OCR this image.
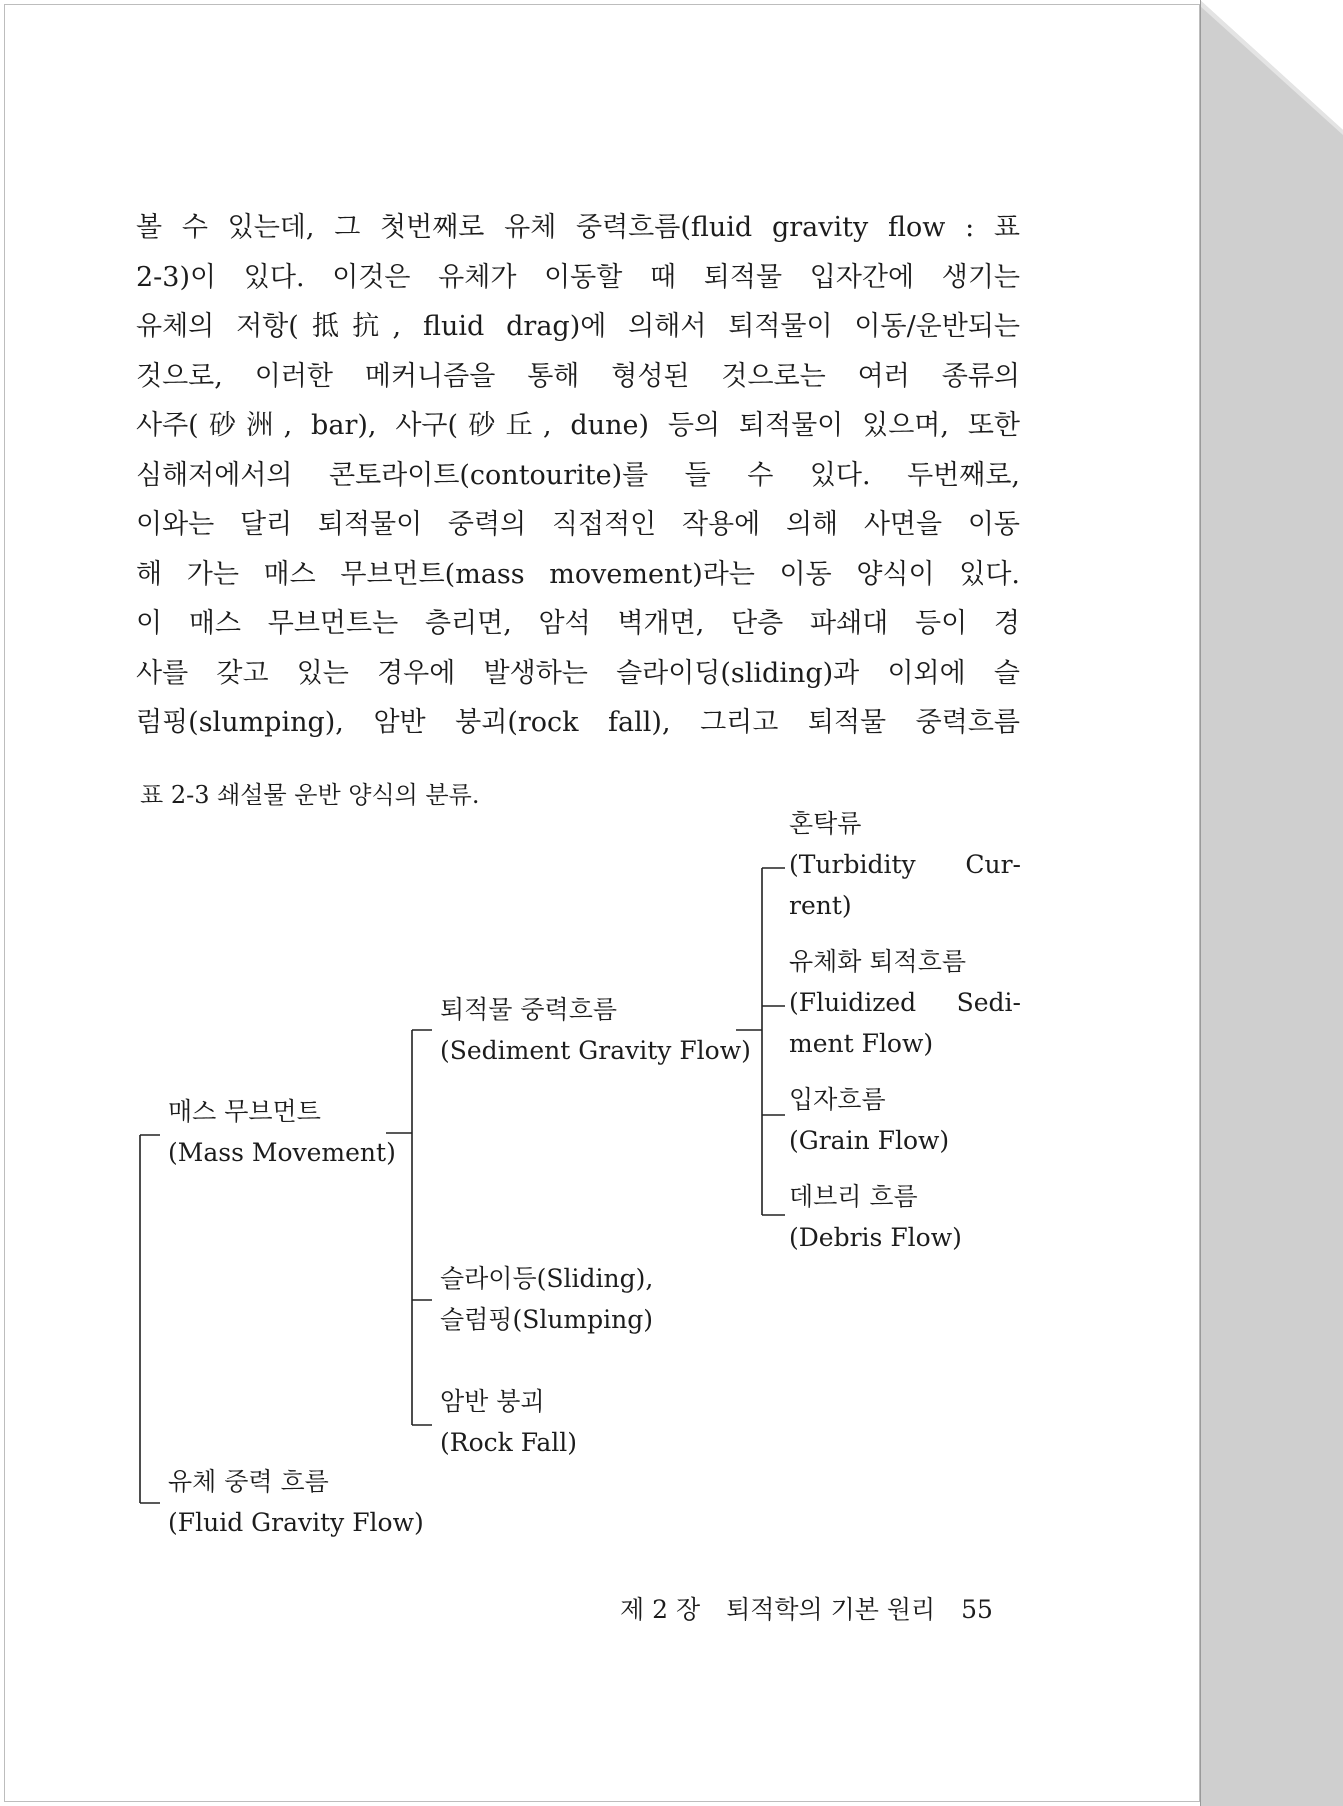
볼 수 있는데, 그 첫번째로 유체 중력흐름(fluid gravity flow : 표
2-3)이 있다. 이것은 유체가 이동할 때 퇴적물 입자간에 생기는
유체의 저항(抵抗, fluid drag)에 의해서 퇴적물이 이동/운반되는
것으로, 이러한 메커니즘을 통해 형성된 것으로는 여러 종류의
사주(砂洲, bar), 사구(砂丘, dune) 등의 퇴적물이 있으며, 또한
심해저에서의 콘토라이트(contourite)를 들 수 있다. 두번째로,
이와는 달리 퇴적물이 중력의 직접적인 작용에 의해 사면을 이동
해 가는 매스 무브먼트(mass movement)라는 이동 양식이 있다.
이 매스 무브먼트는 층리면, 암석 벽개면, 단층 파쇄대 등이 경
사를 갖고 있는 경우에 발생하는 슬라이딩(sliding)과 이외에 슬
럼핑(slumping), 암반 붕괴(rock fall), 그리고 퇴적물 중력흐름

표 2-3 쇄설물 운반 양식의 분류.

매스 무브먼트
(Mass Movement)
유체 중력 흐름
(Fluid Gravity Flow)
퇴적물 중력흐름
(Sediment Gravity Flow)
슬라이등(Sliding),
슬럼핑(Slumping)
암반 붕괴
(Rock Fall)
혼탁류
(Turbidity Cur-
rent)
유체화 퇴적흐름
(Fluidized Sedi-
ment Flow)
입자흐름
(Grain Flow)
데브리 흐름
(Debris Flow)
제 2 장 퇴적학의 기본 원리 55
